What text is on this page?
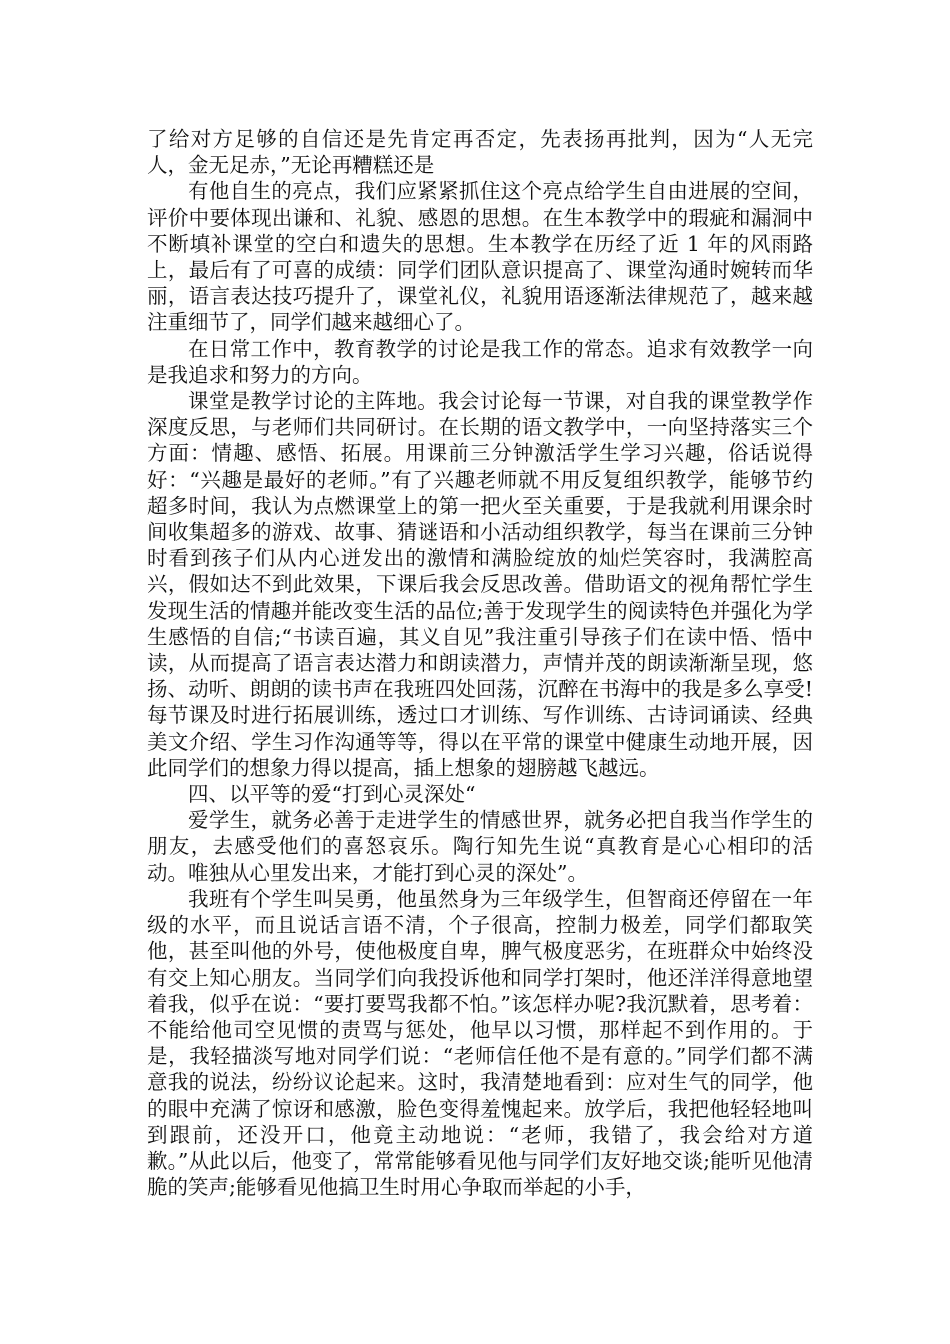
了给对方足够的自信还是先肯定再否定，先表扬再批判，因为“人无完人，金无足赤，”无论再糟糕还是

有他自生的亮点，我们应紧紧抓住这个亮点给学生自由进展的空间，评价中要体现出谦和、礼貌、感恩的思想。在生本教学中的瑕疵和漏洞中不断填补课堂的空白和遗失的思想。生本教学在历经了近 1 年的风雨路上，最后有了可喜的成绩：同学们团队意识提高了、课堂沟通时婉转而华丽，语言表达技巧提升了，课堂礼仪，礼貌用语逐渐法律规范了，越来越注重细节了，同学们越来越细心了。

在日常工作中，教育教学的讨论是我工作的常态。追求有效教学一向是我追求和努力的方向。

课堂是教学讨论的主阵地。我会讨论每一节课，对自我的课堂教学作深度反思，与老师们共同研讨。在长期的语文教学中，一向坚持落实三个方面：情趣、感悟、拓展。用课前三分钟激活学生学习兴趣，俗话说得好：“兴趣是最好的老师。”有了兴趣老师就不用反复组织教学，能够节约超多时间，我认为点燃课堂上的第一把火至关重要，于是我就利用课余时间收集超多的游戏、故事、猜谜语和小活动组织教学，每当在课前三分钟时看到孩子们从内心迸发出的激情和满脸绽放的灿烂笑容时，我满腔高兴，假如达不到此效果，下课后我会反思改善。借助语文的视角帮忙学生发现生活的情趣并能改变生活的品位;善于发现学生的阅读特色并强化为学生感悟的自信;“书读百遍，其义自见”我注重引导孩子们在读中悟、悟中读，从而提高了语言表达潜力和朗读潜力，声情并茂的朗读渐渐呈现，悠扬、动听、朗朗的读书声在我班四处回荡，沉醉在书海中的我是多么享受!每节课及时进行拓展训练，透过口才训练、写作训练、古诗词诵读、经典美文介绍、学生习作沟通等等，得以在平常的课堂中健康生动地开展，因此同学们的想象力得以提高，插上想象的翅膀越飞越远。

四、以平等的爱“打到心灵深处“

爱学生，就务必善于走进学生的情感世界，就务必把自我当作学生的朋友，去感受他们的喜怒哀乐。陶行知先生说“真教育是心心相印的活动。唯独从心里发出来，才能打到心灵的深处”。

我班有个学生叫吴勇，他虽然身为三年级学生，但智商还停留在一年级的水平，而且说话言语不清，个子很高，控制力极差，同学们都取笑他，甚至叫他的外号，使他极度自卑，脾气极度恶劣，在班群众中始终没有交上知心朋友。当同学们向我投诉他和同学打架时，他还洋洋得意地望着我，似乎在说：“要打要骂我都不怕。”该怎样办呢?我沉默着，思考着：不能给他司空见惯的责骂与惩处，他早以习惯，那样起不到作用的。于是，我轻描淡写地对同学们说：“老师信任他不是有意的。”同学们都不满意我的说法，纷纷议论起来。这时，我清楚地看到：应对生气的同学，他的眼中充满了惊讶和感激，脸色变得羞愧起来。放学后，我把他轻轻地叫到跟前，还没开口，他竟主动地说：“老师，我错了，我会给对方道歉。”从此以后，他变了，常常能够看见他与同学们友好地交谈;能听见他清脆的笑声;能够看见他搞卫生时用心争取而举起的小手，
